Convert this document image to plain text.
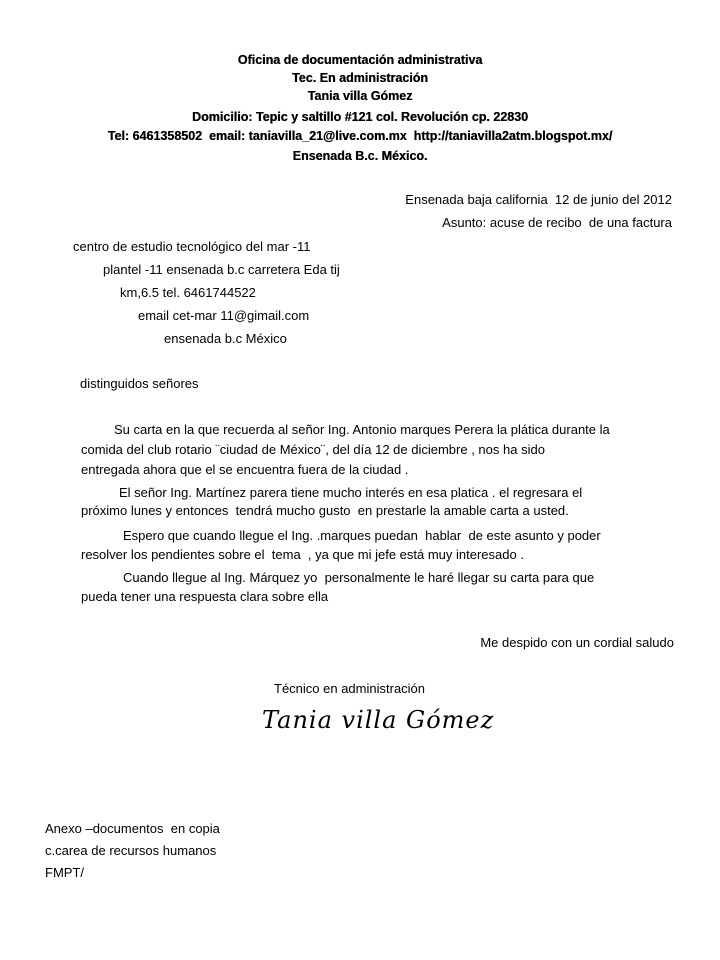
Oficina de documentación administrativa
Tec. En administración
Tania villa Gómez
Domicilio: Tepic y saltillo #121 col. Revolución cp. 22830
Tel: 6461358502  email: taniavilla_21@live.com.mx  http://taniavilla2atm.blogspot.mx/
Ensenada B.c. México.
Ensenada baja california  12 de junio del 2012
Asunto: acuse de recibo  de una factura
centro de estudio tecnológico del mar -11
plantel -11 ensenada b.c carretera Eda tij
km,6.5 tel. 6461744522
email cet-mar 11@gimail.com
ensenada b.c México
distinguidos señores
Su carta en la que recuerda al señor Ing. Antonio marques Perera la plática durante la
comida del club rotario ¨ciudad de México¨, del día 12 de diciembre , nos ha sido
entregada ahora que el se encuentra fuera de la ciudad .
El señor Ing. Martínez parera tiene mucho interés en esa platica . el regresara el
próximo lunes y entonces  tendrá mucho gusto  en prestarle la amable carta a usted.
Espero que cuando llegue el Ing. .marques puedan  hablar  de este asunto y poder
resolver los pendientes sobre el  tema  , ya que mi jefe está muy interesado .
Cuando llegue al Ing. Márquez yo  personalmente le haré llegar su carta para que
pueda tener una respuesta clara sobre ella
Me despido con un cordial saludo
Técnico en administración
Tania villa Gómez
Anexo –documentos  en copia
c.carea de recursos humanos
FMPT/
